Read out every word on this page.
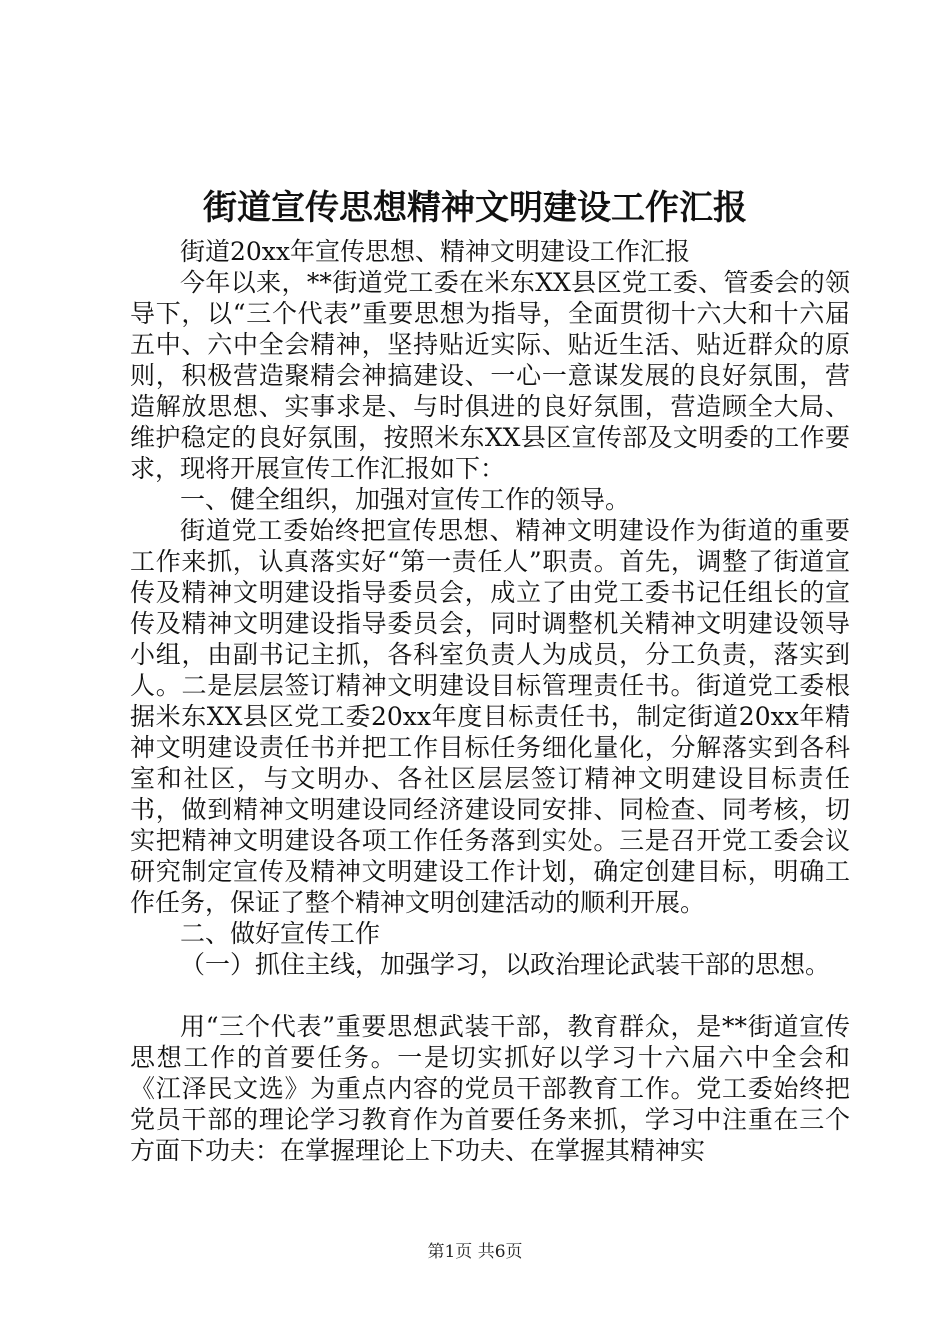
街道宣传思想精神文明建设工作汇报

街道20xx年宣传思想、精神文明建设工作汇报

今年以来，**街道党工委在米东XX县区党工委、管委会的领导下，以“三个代表”重要思想为指导，全面贯彻十六大和十六届五中、六中全会精神，坚持贴近实际、贴近生活、贴近群众的原则，积极营造聚精会神搞建设、一心一意谋发展的良好氛围，营造解放思想、实事求是、与时俱进的良好氛围，营造顾全大局、维护稳定的良好氛围，按照米东XX县区宣传部及文明委的工作要求，现将开展宣传工作汇报如下：

一、健全组织，加强对宣传工作的领导。

街道党工委始终把宣传思想、精神文明建设作为街道的重要工作来抓，认真落实好“第一责任人”职责。首先，调整了街道宣传及精神文明建设指导委员会，成立了由党工委书记任组长的宣传及精神文明建设指导委员会，同时调整机关精神文明建设领导小组，由副书记主抓，各科室负责人为成员，分工负责，落实到人。二是层层签订精神文明建设目标管理责任书。街道党工委根据米东XX县区党工委20xx年度目标责任书，制定街道20xx年精神文明建设责任书并把工作目标任务细化量化，分解落实到各科室和社区，与文明办、各社区层层签订精神文明建设目标责任书，做到精神文明建设同经济建设同安排、同检查、同考核，切实把精神文明建设各项工作任务落到实处。三是召开党工委会议研究制定宣传及精神文明建设工作计划，确定创建目标，明确工作任务，保证了整个精神文明创建活动的顺利开展。

二、做好宣传工作

（一）抓住主线，加强学习，以政治理论武装干部的思想。

用“三个代表”重要思想武装干部，教育群众，是**街道宣传思想工作的首要任务。一是切实抓好以学习十六届六中全会和《江泽民文选》为重点内容的党员干部教育工作。党工委始终把党员干部的理论学习教育作为首要任务来抓，学习中注重在三个方面下功夫：在掌握理论上下功夫、在掌握其精神实

第1页 共6页
